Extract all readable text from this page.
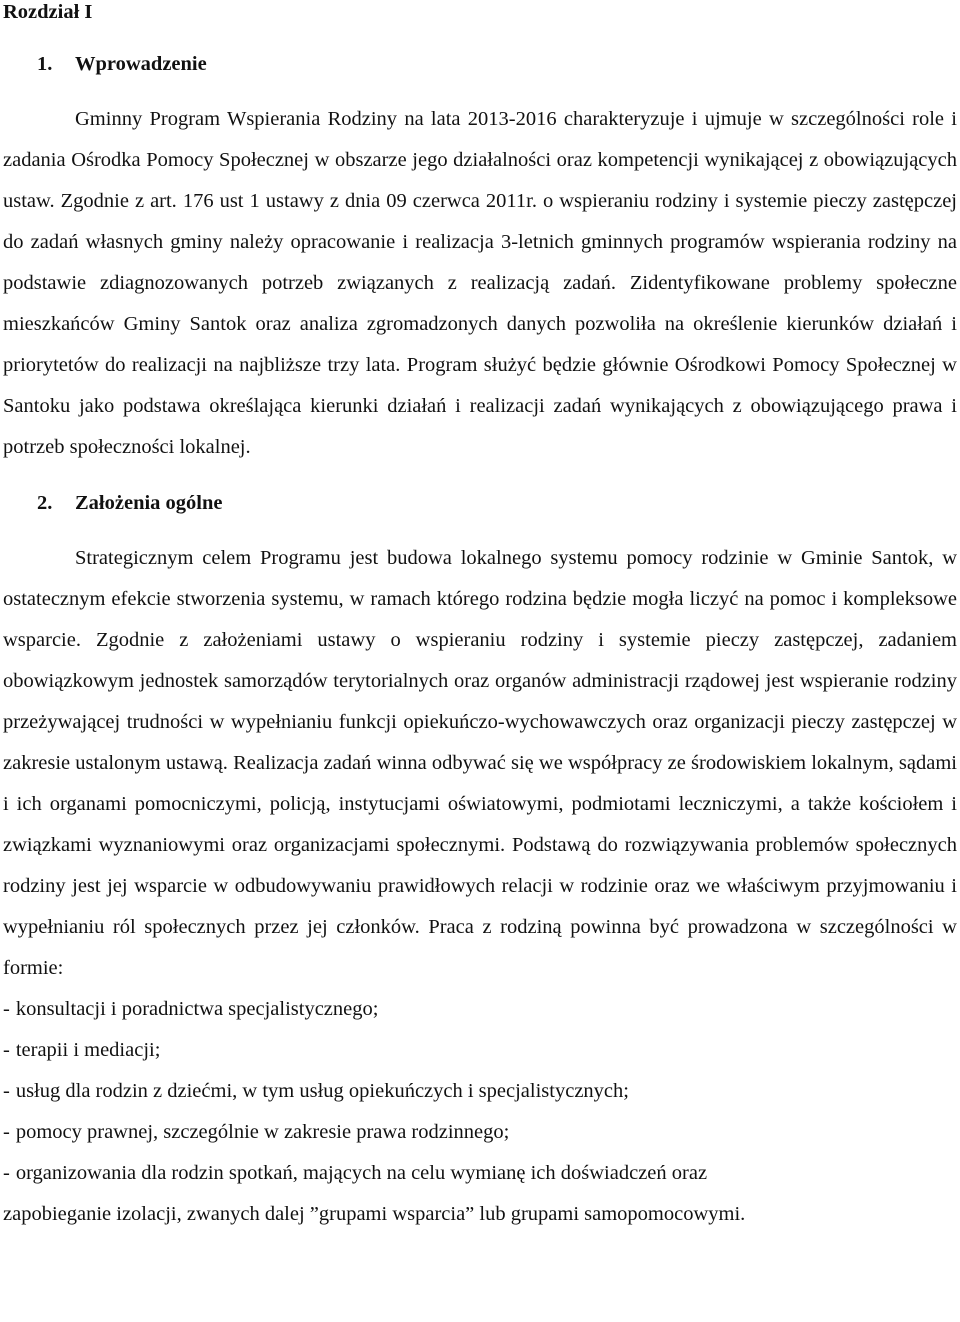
Rozdział I

1. Wprowadzenie

Gminny Program Wspierania Rodziny na lata 2013-2016 charakteryzuje i ujmuje w szczególności role i zadania Ośrodka Pomocy Społecznej w obszarze jego działalności oraz kompetencji wynikającej z obowiązujących ustaw. Zgodnie z art. 176 ust 1 ustawy z dnia 09 czerwca 2011r. o wspieraniu rodziny i systemie pieczy zastępczej do zadań własnych gminy należy opracowanie i realizacja 3-letnich gminnych programów wspierania rodziny na podstawie zdiagnozowanych potrzeb związanych z realizacją zadań. Zidentyfikowane problemy społeczne mieszkańców Gminy Santok oraz analiza zgromadzonych danych pozwoliła na określenie kierunków działań i priorytetów do realizacji na najbliższe trzy lata. Program służyć będzie głównie Ośrodkowi Pomocy Społecznej w Santoku jako podstawa określająca kierunki działań i realizacji zadań wynikających z obowiązującego prawa i potrzeb społeczności lokalnej.

2. Założenia ogólne

Strategicznym celem Programu jest budowa lokalnego systemu pomocy rodzinie w Gminie Santok, w ostatecznym efekcie stworzenia systemu, w ramach którego rodzina będzie mogła liczyć na pomoc i kompleksowe wsparcie. Zgodnie z założeniami ustawy o wspieraniu rodziny i systemie pieczy zastępczej, zadaniem obowiązkowym jednostek samorządów terytorialnych oraz organów administracji rządowej jest wspieranie rodziny przeżywającej trudności w wypełnianiu funkcji opiekuńczo-wychowawczych oraz organizacji pieczy zastępczej w zakresie ustalonym ustawą. Realizacja zadań winna odbywać się we współpracy ze środowiskiem lokalnym, sądami i ich organami pomocniczymi, policją, instytucjami oświatowymi, podmiotami leczniczymi, a także kościołem i związkami wyznaniowymi oraz organizacjami społecznymi. Podstawą do rozwiązywania problemów społecznych rodziny jest jej wsparcie w odbudowywaniu prawidłowych relacji w rodzinie oraz we właściwym przyjmowaniu i wypełnianiu ról społecznych przez jej członków. Praca z rodziną powinna być prowadzona w szczególności w formie:

- konsultacji i poradnictwa specjalistycznego;
- terapii i mediacji;
- usług dla rodzin z dziećmi, w tym usług opiekuńczych i specjalistycznych;
- pomocy prawnej, szczególnie w zakresie prawa rodzinnego;
- organizowania dla rodzin spotkań, mających na celu wymianę ich doświadczeń oraz

zapobieganie izolacji, zwanych dalej ”grupami wsparcia” lub grupami samopomocowymi.
